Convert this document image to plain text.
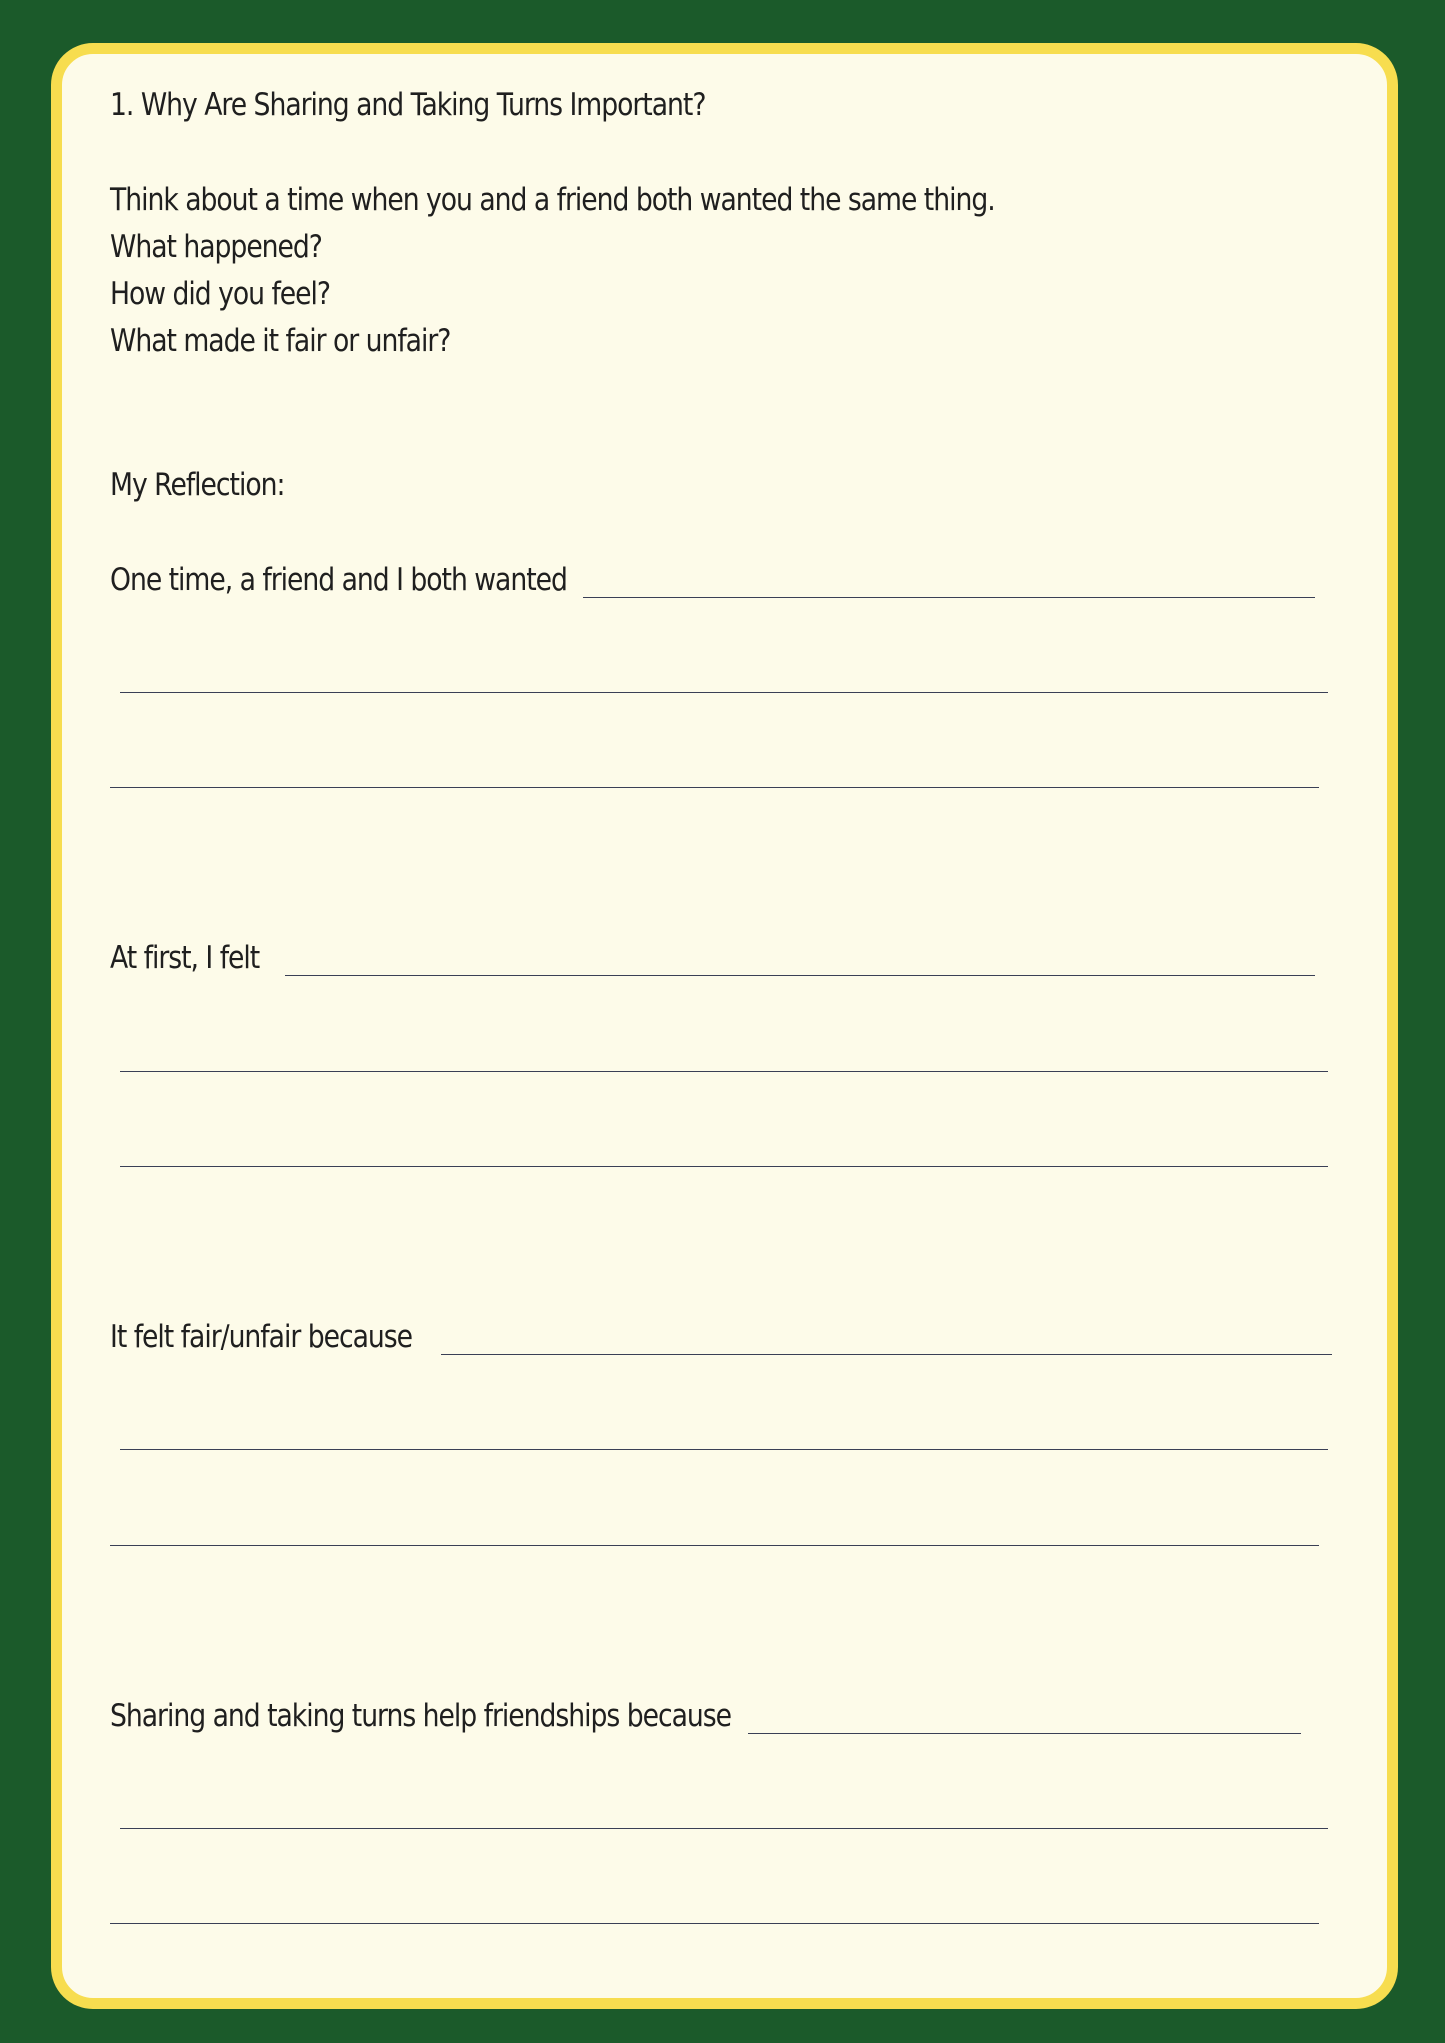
1. Why Are Sharing and Taking Turns Important?

Think about a time when you and a friend both wanted the same thing.

What happened?

How did you feel?

What made it fair or unfair?

My Reflection:

One time, a friend and I both wanted

At first, I felt

It felt fair/unfair because

Sharing and taking turns help friendships because
